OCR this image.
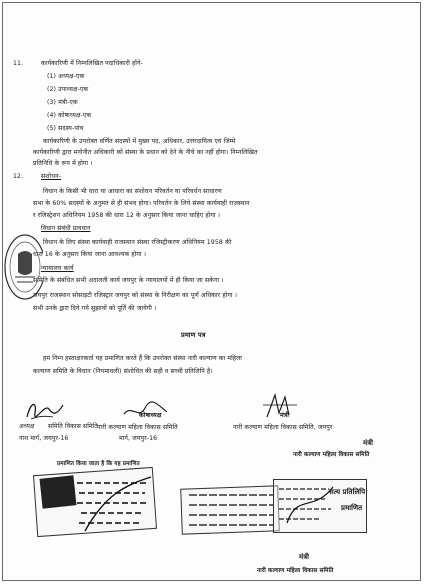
11.	कार्यकारिणी में निम्नलिखित पदाधिकारी होंगे-
(1) अध्यक्ष-एक
(2) उपाध्यक्ष-एक
(3) मंत्री-एक
(4) कोषाध्यक्ष-एक
(5) सदस्य-पांच
कार्यकारिणी के उपरोक्त वर्णित सदस्यों में मुख्य पद, अधिकार, उत्तरदायित्व एवं जिम्मे
कार्यकारिणी द्वारा मनोनीत अधिकारी को संस्था के प्रधान को देने के नीचे का नहीं होगा। निम्नलिखित
प्रतिनिधि के रूप में होगा ।
12.	संशोधन-
विधान के किसी भी धारा या आधारा का संशोधन परिवर्तन या परिवर्धन साधारण
सभा के 60% सदस्यों के अनुमत से ही संभव होगा। परिवर्तन के लिये संस्था कार्यवाही राजस्थान
र रजिस्ट्रेशन अधिनियम 1958 की धारा 12 के अनुसार किया जाना चाहिए होगा ।
विधान संबंधी प्रावधान
विधान के लिए संस्था कार्यवाही राजस्थान संस्था रजिस्ट्रीकरण अधिनियम 1958 की
धारा 16 के अनुसार किया जाना आवश्यक होगा ।
न्यायालय कार्य
समिति के संबंधित सभी अदालती कार्य जयपुर के न्यायालयों में ही किया जा सकेगा ।
जयपुर राजस्थान सोसाइटी रजिस्ट्रार जयपुर को संस्था के निरीक्षण का पूर्ण अधिकार होगा ।
सभी उनके द्वारा दिये गये सुझावों को पूर्ति की जायेगी ।
प्रमाण पत्र
हम निम्न हस्ताक्षरकर्ता यह प्रमाणित करते हैं कि उपरोक्त संस्था नारी कल्याण का महिला
कल्याण समिति के विधान (नियमावली) संशोधित की सही व सच्ची प्रतिलिपि है।
अध्यक्ष समिति विकास समिति
नाथ मार्ग, जयपुर-16
कोषाध्यक्ष
नारी कल्याण महिला विकास समिति
मार्ग, जयपुर-16
मंत्री
नारी कल्याण महिला विकास समिति, जयपुर
प्रमाणित किया जाता है कि यह प्रमाणित
मंत्री
नारी कल्याण महिला विकास समिति
सत्य प्रतिलिपि
प्रमाणित
मंत्री
नारी कल्याण महिला विकास समिति
